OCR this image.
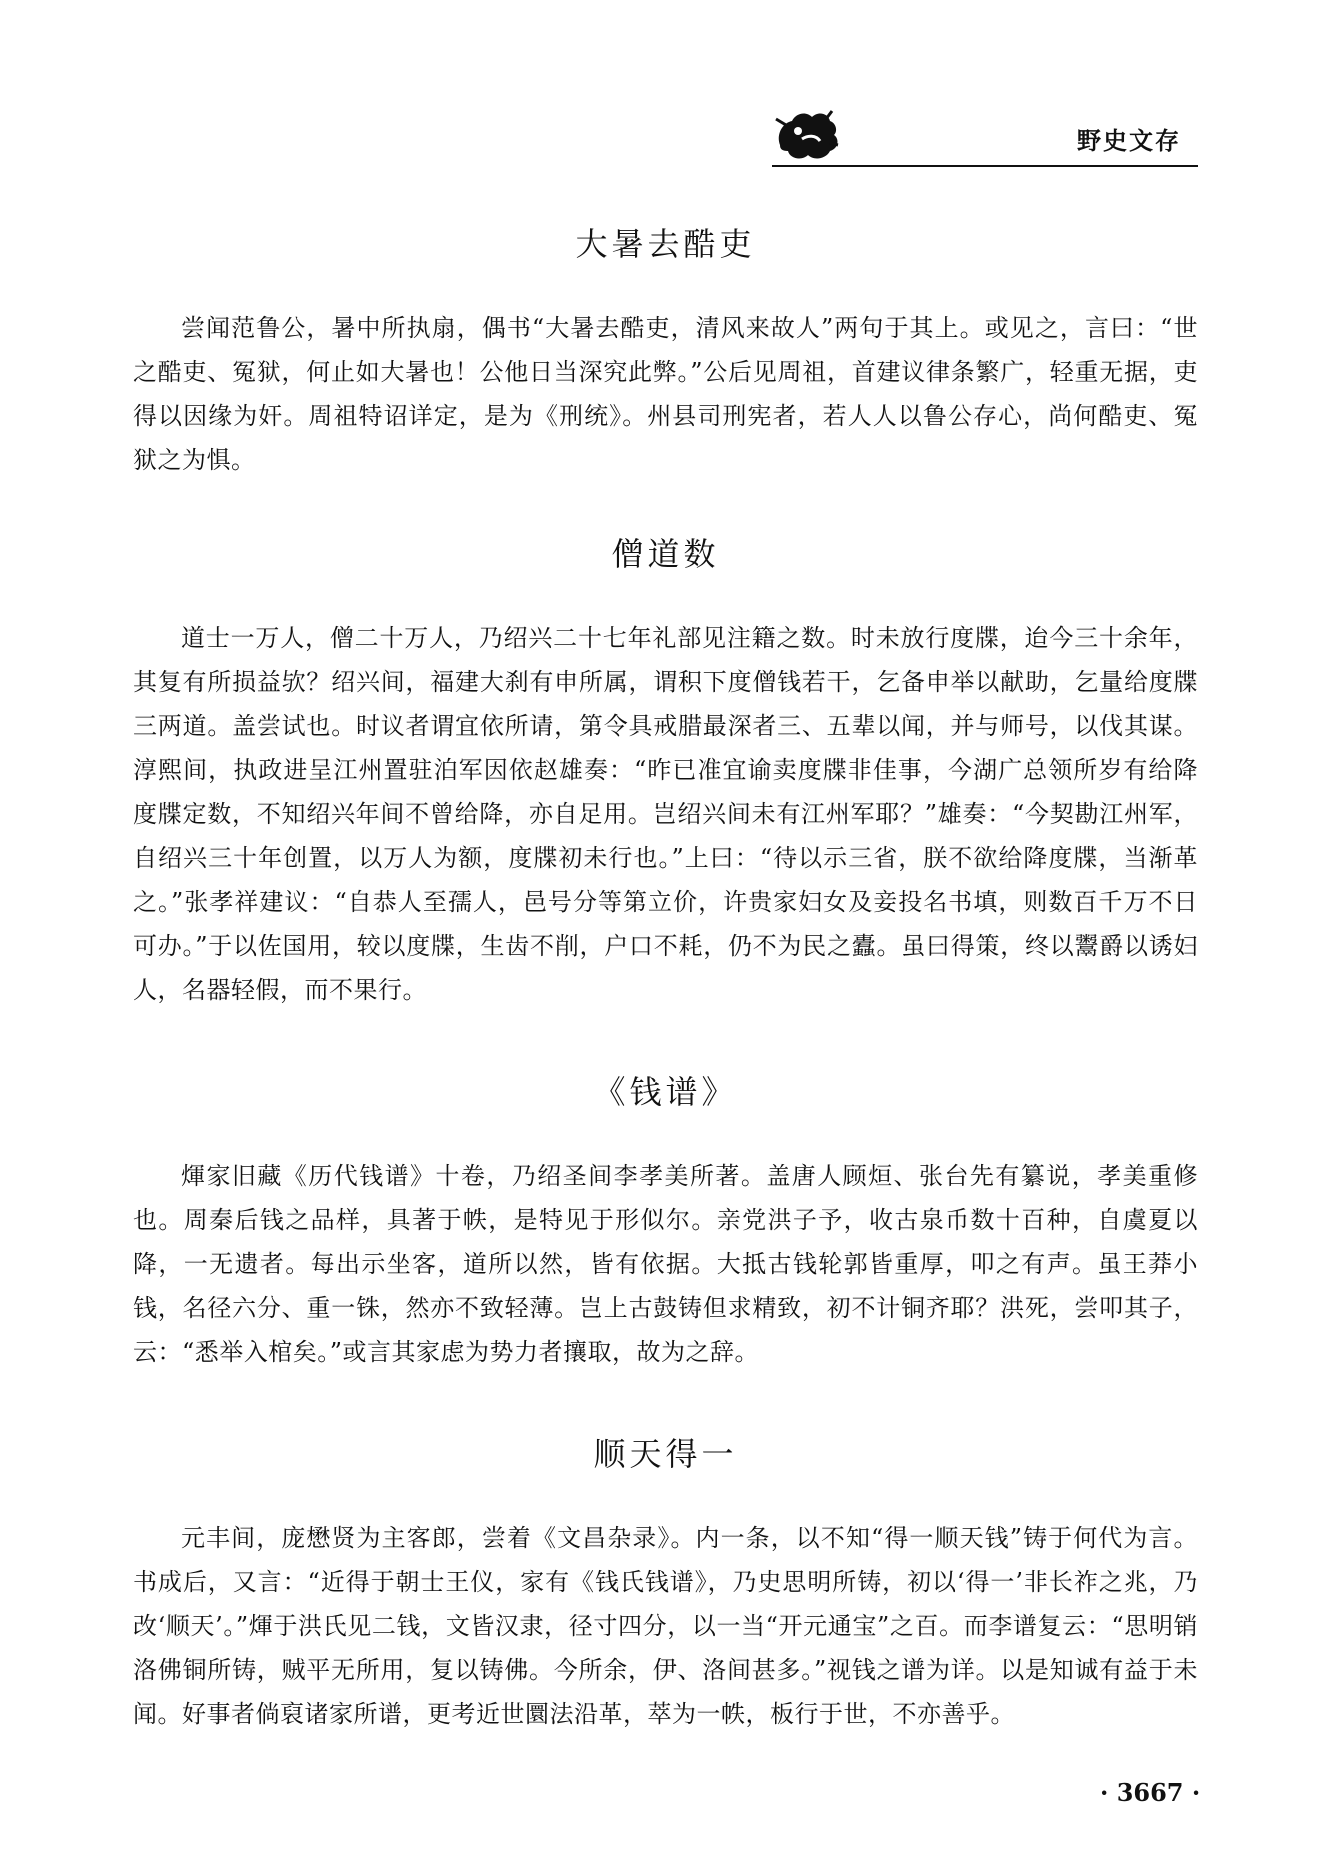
野史文存
大暑去酷吏

尝闻范鲁公，暑中所执扇，偶书“大暑去酷吏，清风来故人”两句于其上。或见之，言曰：“世之酷吏、冤狱，何止如大暑也！公他日当深究此弊。”公后见周祖，首建议律条繁广，轻重无据，吏得以因缘为奸。周祖特诏详定，是为《刑统》。州县司刑宪者，若人人以鲁公存心，尚何酷吏、冤狱之为惧。

僧道数

道士一万人，僧二十万人，乃绍兴二十七年礼部见注籍之数。时未放行度牒，迨今三十余年，其复有所损益欤？绍兴间，福建大刹有申所属，谓积下度僧钱若干，乞备申举以献助，乞量给度牒三两道。盖尝试也。时议者谓宜依所请，第令具戒腊最深者三、五辈以闻，并与师号，以伐其谋。淳熙间，执政进呈江州置驻泊军因依赵雄奏：“昨已准宜谕卖度牒非佳事，今湖广总领所岁有给降度牒定数，不知绍兴年间不曾给降，亦自足用。岂绍兴间未有江州军耶？”雄奏：“今契勘江州军，自绍兴三十年创置，以万人为额，度牒初未行也。”上曰：“待以示三省，朕不欲给降度牒，当渐革之。”张孝祥建议：“自恭人至孺人，邑号分等第立价，许贵家妇女及妾投名书填，则数百千万不日可办。”于以佐国用，较以度牒，生齿不削，户口不耗，仍不为民之蠹。虽曰得策，终以鬻爵以诱妇人，名器轻假，而不果行。

《钱谱》

煇家旧藏《历代钱谱》十卷，乃绍圣间李孝美所著。盖唐人顾烜、张台先有纂说，孝美重修也。周秦后钱之品样，具著于帙，是特见于形似尔。亲党洪子予，收古泉币数十百种，自虞夏以降，一无遗者。每出示坐客，道所以然，皆有依据。大抵古钱轮郭皆重厚，叩之有声。虽王莽小钱，名径六分、重一铢，然亦不致轻薄。岂上古鼓铸但求精致，初不计铜齐耶？洪死，尝叩其子，云：“悉举入棺矣。”或言其家虑为势力者攘取，故为之辞。

顺天得一

元丰间，庞懋贤为主客郎，尝着《文昌杂录》。内一条，以不知“得一顺天钱”铸于何代为言。书成后，又言：“近得于朝士王仪，家有《钱氏钱谱》，乃史思明所铸，初以‘得一’非长祚之兆，乃改‘顺天’。”煇于洪氏见二钱，文皆汉隶，径寸四分，以一当“开元通宝”之百。而李谱复云：“思明销洛佛铜所铸，贼平无所用，复以铸佛。今所余，伊、洛间甚多。”视钱之谱为详。以是知诚有益于未闻。好事者倘裒诸家所谱，更考近世圜法沿革，萃为一帙，板行于世，不亦善乎。

· 3667 ·
